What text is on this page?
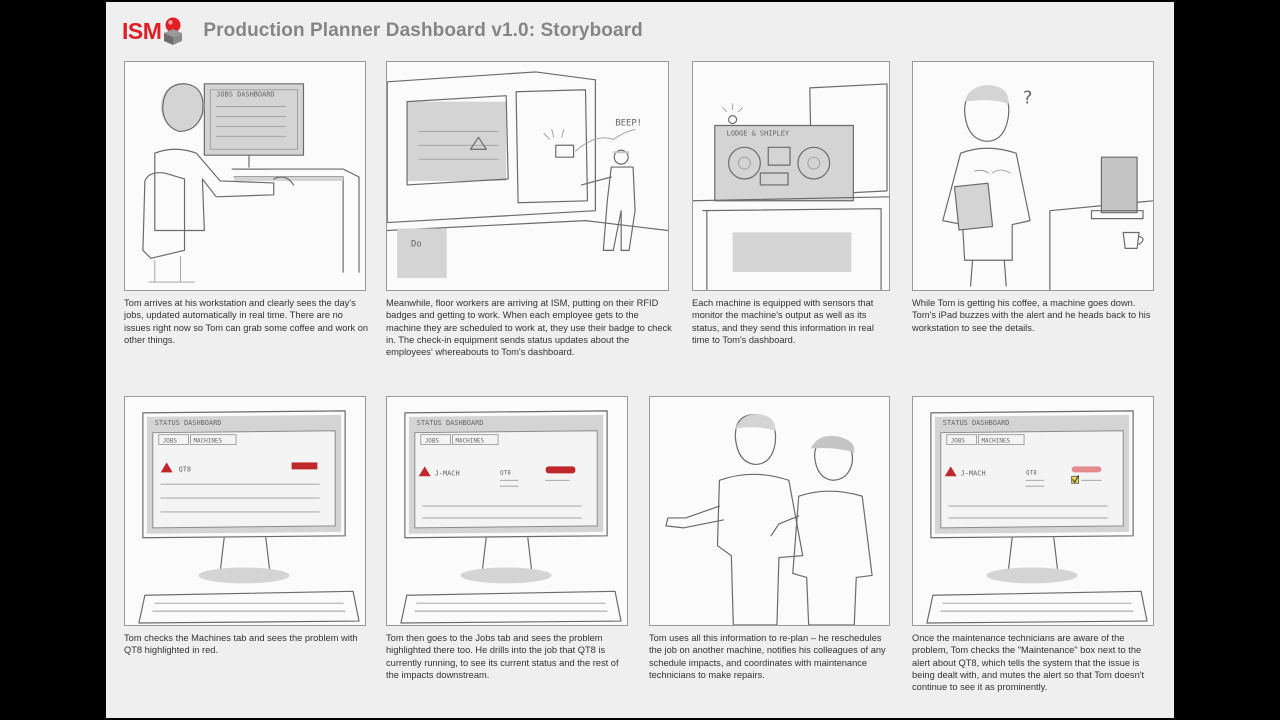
ISM Production Planner Dashboard v1.0: Storyboard
JOBS DASHBOARD

Tom arrives at his workstation and clearly sees the day's jobs, updated automatically in real time. There are no issues right now so Tom can grab some coffee and work on other things.

BEEP!
Do

Meanwhile, floor workers are arriving at ISM, putting on their RFID badges and getting to work. When each employee gets to the machine they are scheduled to work at, they use their badge to check in. The check-in equipment sends status updates about the employees' whereabouts to Tom's dashboard.

LODGE & SHIPLEY

Each machine is equipped with sensors that monitor the machine's output as well as its status, and they send this information in real time to Tom's dashboard.

?

While Tom is getting his coffee, a machine goes down. Tom's iPad buzzes with the alert and he heads back to his workstation to see the details.

STATUS DASHBOARD
JOBS	MACHINES
QT8

Tom checks the Machines tab and sees the problem with QT8 highlighted in red.

STATUS DASHBOARD
JOBS	MACHINES
J-MACH	QT8

Tom then goes to the Jobs tab and sees the problem highlighted there too. He drills into the job that QT8 is currently running, to see its current status and the rest of the impacts downstream.

Tom uses all this information to re-plan – he reschedules the job on another machine, notifies his colleagues of any schedule impacts, and coordinates with maintenance technicians to make repairs.

STATUS DASHBOARD
JOBS	MACHINES
J-MACH	QT8

Once the maintenance technicians are aware of the problem, Tom checks the "Maintenance" box next to the alert about QT8, which tells the system that the issue is being dealt with, and mutes the alert so that Tom doesn't continue to see it as prominently.
